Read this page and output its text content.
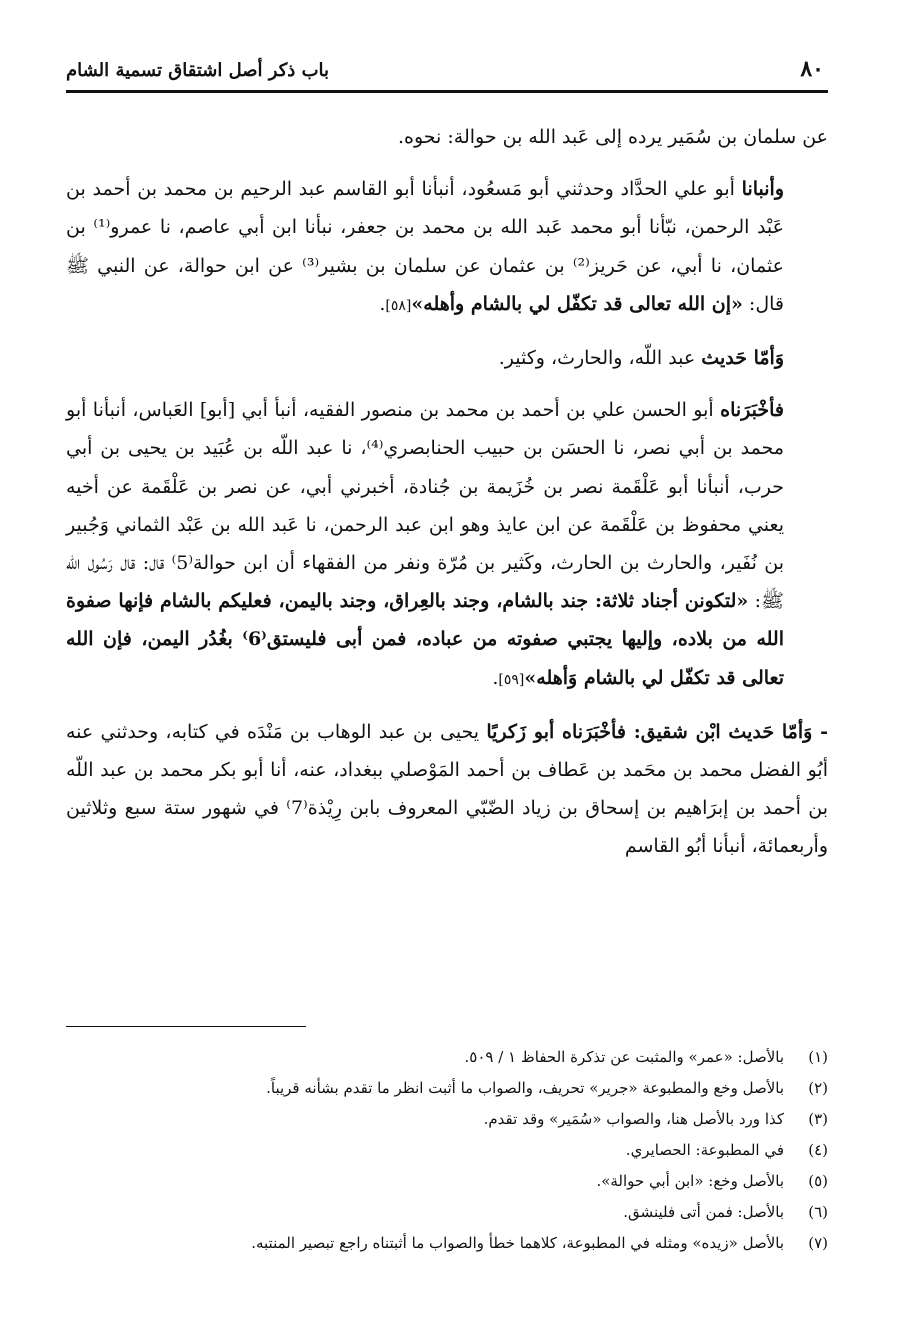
٨٠
باب ذكر أصل اشتقاق تسمية الشام

عن سلمان بن سُمَير يرده إلى عَبد الله بن حوالة: نحوه.

وأنبانا أبو علي الحدَّاد وحدثني أبو مَسعُود، أنبأنا أبو القاسم عبد الرحيم بن محمد بن أحمد بن عَبْد الرحمن، نبّأنا أبو محمد عَبد الله بن محمد بن جعفر، نبأنا ابن أبي عاصم، نا عمرو⁽¹⁾ بن عثمان، نا أبي، عن حَريز⁽²⁾ بن عثمان عن سلمان بن بشير⁽³⁾ عن ابن حوالة، عن النبي ﷺ قال: «إن الله تعالى قد تكفّل لي بالشام وأهله»[٥٨].

وَأمّا حَديث عبد اللّه، والحارث، وكثير.

فأخْبَرَناه أبو الحسن علي بن أحمد بن محمد بن منصور الفقيه، أنبأ أبي [أبو] العَباس، أنبأنا أبو محمد بن أبي نصر، نا الحسَن بن حبيب الحنابصري⁽⁴⁾، نا عبد اللّه بن عُبَيد بن يحيى بن أبي حرب، أنبأنا أبو عَلْقَمة نصر بن خُزَيمة بن جُنادة، أخبرني أبي، عن نصر بن عَلْقَمة عن أخيه يعني محفوظ بن عَلْقَمة عن ابن عايذ وهو ابن عبد الرحمن، نا عَبد الله بن عَبْد الثماني وَجُبير بن نُفَير، والحارث بن الحارث، وكَثير بن مُرّة ونفر من الفقهاء أن ابن حوالة⁽5⁾ قال: قال رَسُول الله ﷺ: «لتكونن أجناد ثلاثة: جند بالشام، وجند بالعِراق، وجند باليمن، فعليكم بالشام فإنها صفوة الله من بلاده، وإليها يجتبي صفوته من عباده، فمن أبى فليستق⁽6⁾ بغُدُر اليمن، فإن الله تعالى قد تكفّل لي بالشام وَأهله»[٥٩].

- وَأمّا حَديث ابْن شقيق: فأخْبَرَناه أبو زَكريًا يحيى بن عبد الوهاب بن مَنْدَه في كتابه، وحدثني عنه أبُو الفضل محمد بن محَمد بن عَطاف بن أحمد المَوْصلي ببغداد، عنه، أنا أبو بكر محمد بن عبد اللّه بن أحمد بن إبرَاهيم بن إسحاق بن زياد الضّبّي المعروف بابن رِيْذة⁽7⁾ في شهور ستة سبع وثلاثين وأربعمائة، أنبأنا أبُو القاسم

(١)بالأصل: «عمر» والمثبت عن تذكرة الحفاظ ١ / ٥٠٩.
(٢)بالأصل وخع والمطبوعة «جرير» تحريف، والصواب ما أثبت انظر ما تقدم بشأنه قريباً.
(٣)كذا ورد بالأصل هنا، والصواب «سُمَير» وقد تقدم.
(٤)في المطبوعة: الحصايري.
(٥)بالأصل وخع: «ابن أبي حوالة».
(٦)بالأصل: فمن أتى فلينشق.
(٧)بالأصل «زيده» ومثله في المطبوعة، كلاهما خطأ والصواب ما أثبتناه راجع تبصير المنتبه.
